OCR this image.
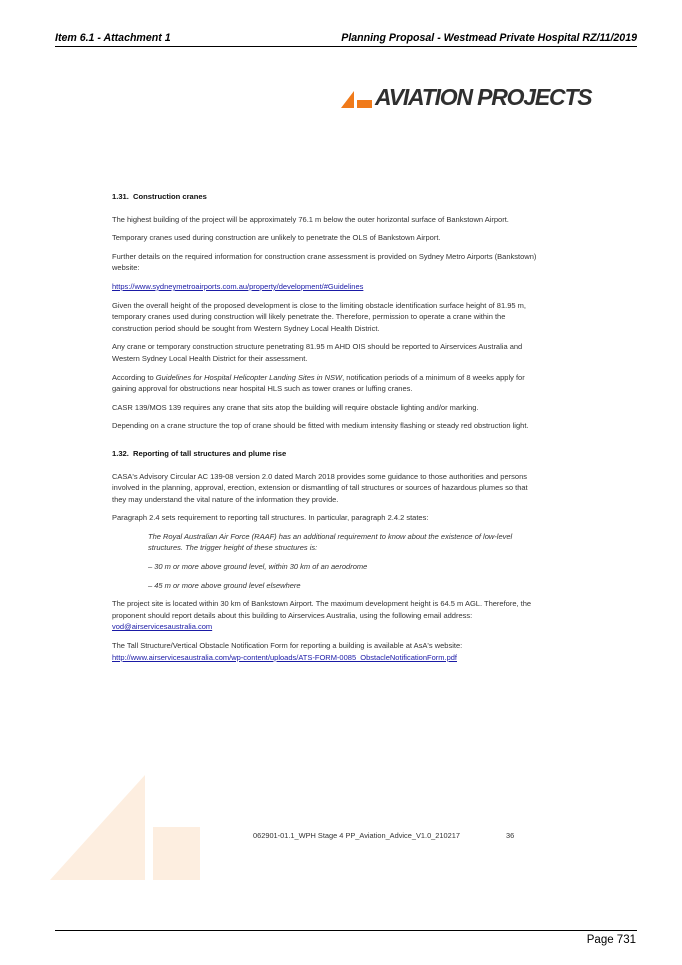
Item 6.1 - Attachment 1	Planning Proposal - Westmead Private Hospital RZ/11/2019
AVIATION PROJECTS
1.31. Construction cranes

The highest building of the project will be approximately 76.1 m below the outer horizontal surface of Bankstown Airport.

Temporary cranes used during construction are unlikely to penetrate the OLS of Bankstown Airport.

Further details on the required information for construction crane assessment is provided on Sydney Metro Airports (Bankstown) website:

https://www.sydneymetroairports.com.au/property/development/#Guidelines

Given the overall height of the proposed development is close to the limiting obstacle identification surface height of 81.95 m, temporary cranes used during construction will likely penetrate the. Therefore, permission to operate a crane within the construction period should be sought from Western Sydney Local Health District.

Any crane or temporary construction structure penetrating 81.95 m AHD OIS should be reported to Airservices Australia and Western Sydney Local Health District for their assessment.

According to Guidelines for Hospital Helicopter Landing Sites in NSW, notification periods of a minimum of 8 weeks apply for gaining approval for obstructions near hospital HLS such as tower cranes or luffing cranes.

CASR 139/MOS 139 requires any crane that sits atop the building will require obstacle lighting and/or marking.

Depending on a crane structure the top of crane should be fitted with medium intensity flashing or steady red obstruction light.

1.32. Reporting of tall structures and plume rise

CASA's Advisory Circular AC 139-08 version 2.0 dated March 2018 provides some guidance to those authorities and persons involved in the planning, approval, erection, extension or dismantling of tall structures or sources of hazardous plumes so that they may understand the vital nature of the information they provide.

Paragraph 2.4 sets requirement to reporting tall structures. In particular, paragraph 2.4.2 states:

The Royal Australian Air Force (RAAF) has an additional requirement to know about the existence of low-level structures. The trigger height of these structures is:

– 30 m or more above ground level, within 30 km of an aerodrome

– 45 m or more above ground level elsewhere

The project site is located within 30 km of Bankstown Airport. The maximum development height is 64.5 m AGL. Therefore, the proponent should report details about this building to Airservices Australia, using the following email address: vod@airservicesaustralia.com

The Tall Structure/Vertical Obstacle Notification Form for reporting a building is available at AsA's website:
http://www.airservicesaustralia.com/wp-content/uploads/ATS-FORM-0085_ObstacleNotificationForm.pdf

062901-01.1_WPH Stage 4 PP_Aviation_Advice_V1.0_210217	36
Page 731
